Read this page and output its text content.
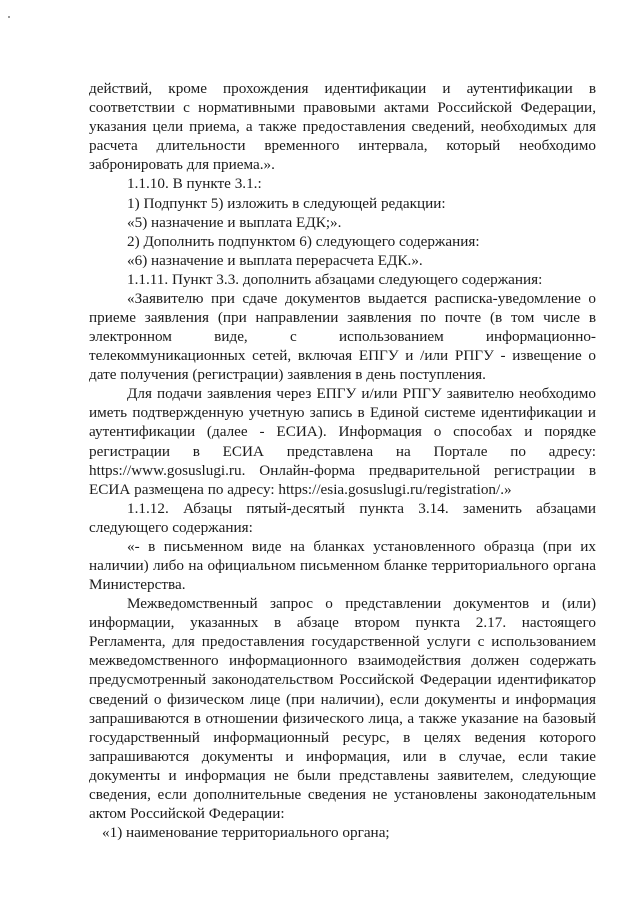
действий, кроме прохождения идентификации и аутентификации в
соответствии с нормативными правовыми актами Российской Федерации,
указания цели приема, а также предоставления сведений, необходимых для
расчета длительности временного интервала, который необходимо
забронировать для приема.».
1.1.10. В пункте 3.1.:
1) Подпункт 5) изложить в следующей редакции:
«5) назначение и выплата ЕДК;».
2) Дополнить подпунктом 6) следующего содержания:
«6) назначение и выплата перерасчета ЕДК.».
1.1.11. Пункт 3.3. дополнить абзацами следующего содержания:
«Заявителю при сдаче документов выдается расписка-уведомление о
приеме заявления (при направлении заявления по почте (в том числе в
электронном виде, с использованием информационно-
телекоммуникационных сетей, включая ЕПГУ и /или РПГУ - извещение о
дате получения (регистрации) заявления в день поступления.
Для подачи заявления через ЕПГУ и/или РПГУ заявителю необходимо
иметь подтвержденную учетную запись в Единой системе идентификации и
аутентификации (далее - ЕСИА). Информация о способах и порядке
регистрации в ЕСИА представлена на Портале по адресу:
https://www.gosuslugi.ru. Онлайн-форма предварительной регистрации в
ЕСИА размещена по адресу: https://esia.gosuslugi.ru/registration/.»
1.1.12. Абзацы пятый-десятый пункта 3.14. заменить абзацами
следующего содержания:
«- в письменном виде на бланках установленного образца (при их
наличии) либо на официальном письменном бланке территориального органа
Министерства.
Межведомственный запрос о представлении документов и (или)
информации, указанных в абзаце втором пункта 2.17. настоящего
Регламента, для предоставления государственной услуги с использованием
межведомственного информационного взаимодействия должен содержать
предусмотренный законодательством Российской Федерации идентификатор
сведений о физическом лице (при наличии), если документы и информация
запрашиваются в отношении физического лица, а также указание на базовый
государственный информационный ресурс, в целях ведения которого
запрашиваются документы и информация, или в случае, если такие
документы и информация не были представлены заявителем, следующие
сведения, если дополнительные сведения не установлены законодательным
актом Российской Федерации:
«1) наименование территориального органа;
